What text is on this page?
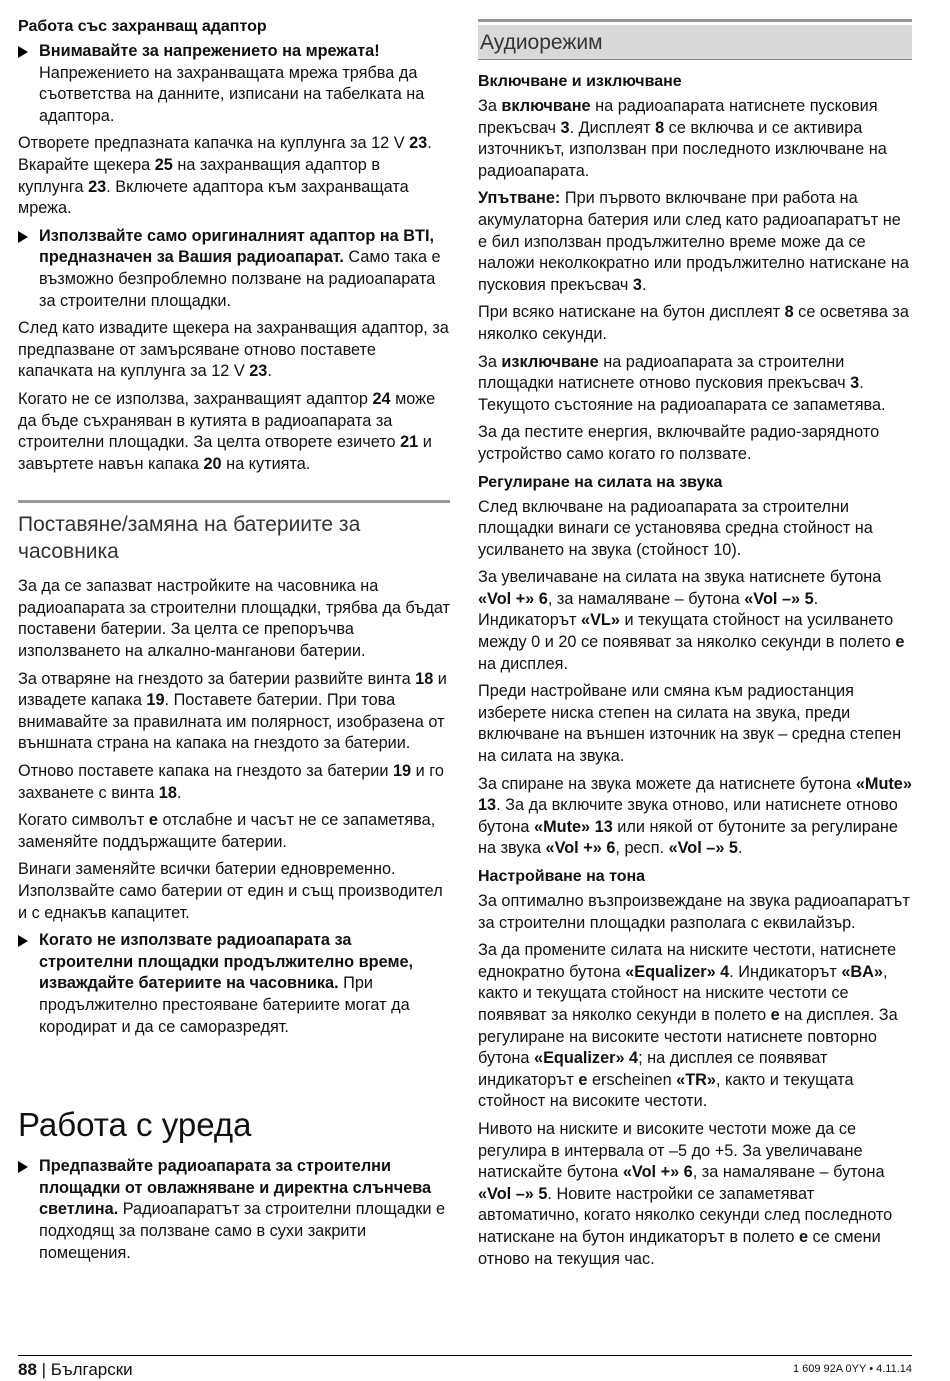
Работа със захранващ адаптор
Внимавайте за напрежението на мрежата! Напрежението на захранващата мрежа трябва да съответства на данните, изписани на табелката на адаптора.

Отворете предпазната капачка на куплунга за 12 V 23. Вкарайте щекера 25 на захранващия адаптор в куплунга 23. Включете адаптора към захранващата мрежа.

Използвайте само оригиналният адаптор на BTI, предназначен за Вашия радиоапарат. Само така е възможно безпроблемно ползване на радиоапарата за строителни площадки.

След като извадите щекера на захранващия адаптор, за предпазване от замърсяване отново поставете капачката на куплунга за 12 V 23.

Когато не се използва, захранващият адаптор 24 може да бъде съхраняван в кутията в радиоапарата за строителни площадки. За целта отворете езичето 21 и завъртете навън капака 20 на кутията.

Поставяне/замяна на батериите за часовника

За да се запазват настройките на часовника на радиоапарата за строителни площадки, трябва да бъдат поставени батерии. За целта се препоръчва използването на алкално-манганови батерии.

За отваряне на гнездото за батерии развийте винта 18 и извадете капака 19. Поставете батерии. При това внимавайте за правилната им полярност, изобразена от външната страна на капака на гнездото за батерии.

Отново поставете капака на гнездото за батерии 19 и го захванете с винта 18.

Когато символът e отслабне и часът не се запаметява, заменяйте поддържащите батерии.

Винаги заменяйте всички батерии едновременно. Използвайте само батерии от един и същ производител и с еднакъв капацитет.

Когато не използвате радиоапарата за строителни площадки продължително време, изваждайте батериите на часовника. При продължително престояване батериите могат да кородират и да се саморазредят.
Работа с уреда
Предпазвайте радиоапарата за строителни площадки от овлажняване и директна слънчева светлина. Радиоапаратът за строителни площадки е подходящ за ползване само в сухи закрити помещения.
Аудиорежим
Включване и изключване

За включване на радиоапарата натиснете пусковия прекъсвач 3. Дисплеят 8 се включва и се активира източникът, използван при последното изключване на радиоапарата.

Упътване: При първото включване при работа на акумулаторна батерия или след като радиоапаратът не е бил използван продължително време може да се наложи неколкократно или продължително натискане на пусковия прекъсвач 3.

При всяко натискане на бутон дисплеят 8 се осветява за няколко секунди.

За изключване на радиоапарата за строителни площадки натиснете отново пусковия прекъсвач 3. Текущото състояние на радиоапарата се запаметява.

За да пестите енергия, включвайте радио-зарядното устройство само когато го ползвате.

Регулиране на силата на звука

След включване на радиоапарата за строителни площадки винаги се установява средна стойност на усилването на звука (стойност 10).

За увеличаване на силата на звука натиснете бутона «Vol +» 6, за намаляване – бутона «Vol –» 5. Индикаторът «VL» и текущата стойност на усилването между 0 и 20 се появяват за няколко секунди в полето e на дисплея.

Преди настройване или смяна към радиостанция изберете ниска степен на силата на звука, преди включване на външен източник на звук – средна степен на силата на звука.

За спиране на звука можете да натиснете бутона «Mute» 13. За да включите звука отново, или натиснете отново бутона «Mute» 13 или някой от бутоните за регулиране на звука «Vol +» 6, респ. «Vol –» 5.

Настройване на тона

За оптимално възпроизвеждане на звука радиоапаратът за строителни площадки разполага с еквилайзър.

За да промените силата на ниските честоти, натиснете еднократно бутона «Equalizer» 4. Индикаторът «BA», както и текущата стойност на ниските честоти се появяват за няколко секунди в полето e на дисплея. За регулиране на високите честоти натиснете повторно бутона «Equalizer» 4; на дисплея се появяват индикаторът e erscheinen «TR», както и текущата стойност на високите честоти.

Нивото на ниските и високите честоти може да се регулира в интервала от –5 до +5. За увеличаване натискайте бутона «Vol +» 6, за намаляване – бутона «Vol –» 5. Новите настройки се запаметяват автоматично, когато няколко секунди след последното натискане на бутон индикаторът в полето e се смени отново на текущия час.

88 | Български	1 609 92A 0YY • 4.11.14
